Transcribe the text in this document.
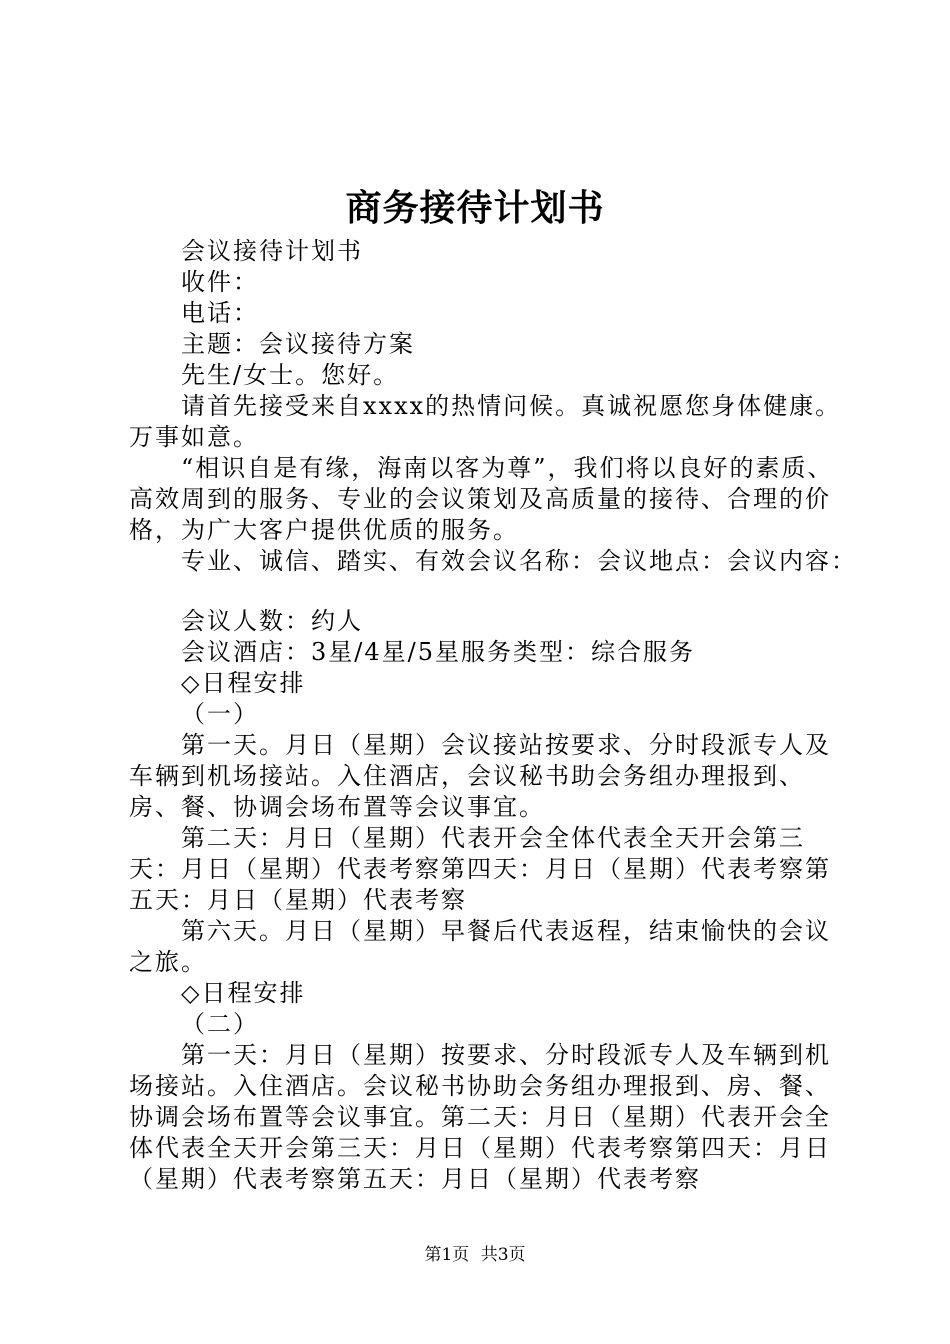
商务接待计划书

会议接待计划书

收件：

电话：

主题：会议接待方案

先生/女士。您好。

请首先接受来自xxxx的热情问候。真诚祝愿您身体健康。万事如意。

“相识自是有缘，海南以客为尊”，我们将以良好的素质、高效周到的服务、专业的会议策划及高质量的接待、合理的价格，为广大客户提供优质的服务。

专业、诚信、踏实、有效会议名称：会议地点：会议内容：

会议人数：约人

会议酒店：3星/4星/5星服务类型：综合服务

◇日程安排

（一）

第一天。月日（星期）会议接站按要求、分时段派专人及车辆到机场接站。入住酒店，会议秘书助会务组办理报到、房、餐、协调会场布置等会议事宜。

第二天：月日（星期）代表开会全体代表全天开会第三天：月日（星期）代表考察第四天：月日（星期）代表考察第五天：月日（星期）代表考察

第六天。月日（星期）早餐后代表返程，结束愉快的会议之旅。

◇日程安排

（二）

第一天：月日（星期）按要求、分时段派专人及车辆到机场接站。入住酒店。会议秘书协助会务组办理报到、房、餐、协调会场布置等会议事宜。第二天：月日（星期）代表开会全体代表全天开会第三天：月日（星期）代表考察第四天：月日（星期）代表考察第五天：月日（星期）代表考察

第1页 共3页
